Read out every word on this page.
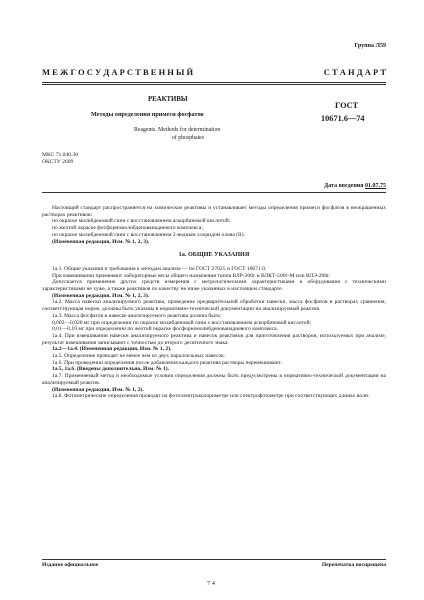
Группа Л59
М Е Ж Г О С У Д А Р С Т В Е Н Н Ы Й	С Т А Н Д А Р Т
РЕАКТИВЫ
Методы определения примеси фосфатов
Reagents. Methods for determination
of phosphates
ГОСТ
10671.6—74
МКС 71.040.30
ОКСТУ 2609
Дата введения 01.07.75

Настоящий стандарт распространяется на химические реактивы и устанавливает методы определения примеси фосфатов в неокрашенных растворах реактивов:

по окраске молибденовой сини с восстановлением аскорбиновой кислотой;

по желтой окраске фосфорномолибденованадиевого комплекса;

по окраске молибденовой сини с восстановлением 2-водным хлоридом олова (II).

(Измененная редакция, Изм. № 1, 2, 3).

1а. ОБЩИЕ УКАЗАНИЯ

1а.1. Общие указания и требования к методам анализа — по ГОСТ 27025 и ГОСТ 10671.0.

При взвешивании применяют лабораторные весы общего назначения типов ВЛР-200г и ВЛКТ-500г-М или ВЛЭ-200г.

Допускается применение других средств измерения с метрологическими характеристиками и оборудования с техническими характеристиками не хуже, а также реактивов по качеству не ниже указанных в настоящем стандарте.

(Измененная редакция, Изм. № 1, 2, 3).

1а.2. Масса навески анализируемого реактива, проведение предварительной обработки навески, масса фосфатов в растворах сравнения, соответствующая норме, должны быть указаны в нормативно-технической документации на анализируемый реактив.

1а.3. Масса фосфатов в навеске анализируемого реактива должна быть:

0,002—0,020 мг при определении по окраске молибденовой сини с восстановлением аскорбиновой кислотой;

0,01—0,10 мг при определении по желтой окраске фосфорномолибденованадиевого комплекса.

1а.4. При взвешивании навески анализируемого реактива и навесок реактивов для приготовления растворов, используемых при анализе, результат взвешивания записывают с точностью до второго десятичного знака.

1а.2—1а.4. (Измененная редакция, Изм. № 1, 2).

1а.5. Определение проводят не менее чем из двух параллельных навесок.

1а.6. При проведении определения после добавления каждого реактива растворы перемешивают.

1а.5, 1а.6. (Введены дополнительно, Изм. № 1).

1а.7. Применяемый метод и необходимые условия определения должны быть предусмотрены в нормативно-технической документации на анализируемый реактив.

(Измененная редакция, Изм. № 1, 2).

1а.8. Фотометрические определения проводят на фотоэлектроколориметре или спектрофотометре при соответствующих длинах волн.

Издание официальное	Перепечатка воспрещена
74
